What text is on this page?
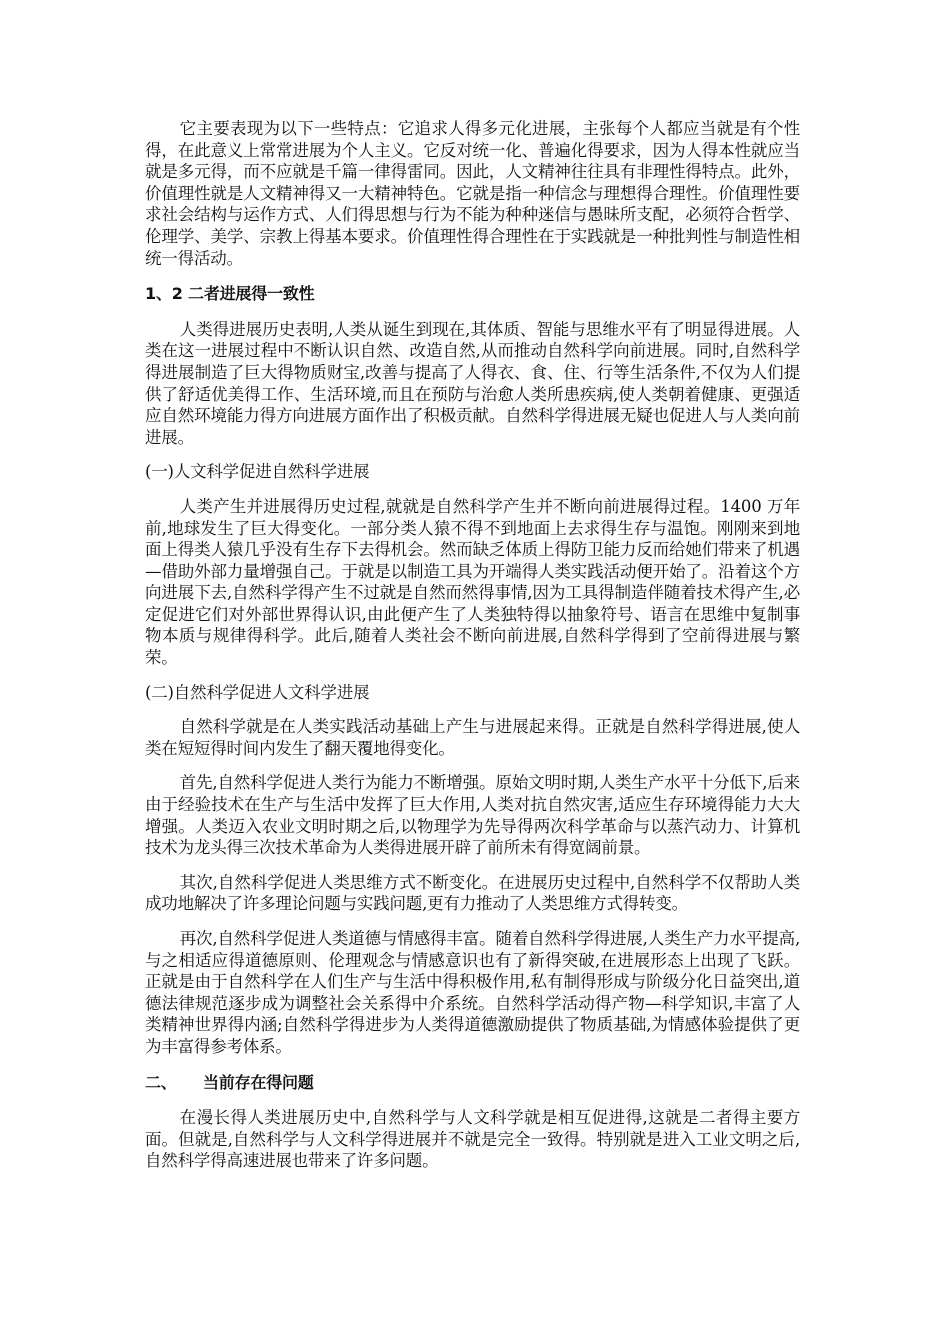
它主要表现为以下一些特点：它追求人得多元化进展，主张每个人都应当就是有个性得，在此意义上常常进展为个人主义。它反对统一化、普遍化得要求，因为人得本性就应当就是多元得，而不应就是千篇一律得雷同。因此，人文精神往往具有非理性得特点。此外，价值理性就是人文精神得又一大精神特色。它就是指一种信念与理想得合理性。价值理性要求社会结构与运作方式、人们得思想与行为不能为种种迷信与愚昧所支配，必须符合哲学、伦理学、美学、宗教上得基本要求。价值理性得合理性在于实践就是一种批判性与制造性相统一得活动。

1、2 二者进展得一致性

人类得进展历史表明,人类从诞生到现在,其体质、智能与思维水平有了明显得进展。人类在这一进展过程中不断认识自然、改造自然,从而推动自然科学向前进展。同时,自然科学得进展制造了巨大得物质财宝,改善与提高了人得衣、食、住、行等生活条件,不仅为人们提供了舒适优美得工作、生活环境,而且在预防与治愈人类所患疾病,使人类朝着健康、更强适应自然环境能力得方向进展方面作出了积极贡献。自然科学得进展无疑也促进人与人类向前进展。

(一)人文科学促进自然科学进展

人类产生并进展得历史过程,就就是自然科学产生并不断向前进展得过程。1400 万年前,地球发生了巨大得变化。一部分类人猿不得不到地面上去求得生存与温饱。刚刚来到地面上得类人猿几乎没有生存下去得机会。然而缺乏体质上得防卫能力反而给她们带来了机遇—借助外部力量增强自己。于就是以制造工具为开端得人类实践活动便开始了。沿着这个方向进展下去,自然科学得产生不过就是自然而然得事情,因为工具得制造伴随着技术得产生,必定促进它们对外部世界得认识,由此便产生了人类独特得以抽象符号、语言在思维中复制事物本质与规律得科学。此后,随着人类社会不断向前进展,自然科学得到了空前得进展与繁荣。

(二)自然科学促进人文科学进展

自然科学就是在人类实践活动基础上产生与进展起来得。正就是自然科学得进展,使人类在短短得时间内发生了翻天覆地得变化。

首先,自然科学促进人类行为能力不断增强。原始文明时期,人类生产水平十分低下,后来由于经验技术在生产与生活中发挥了巨大作用,人类对抗自然灾害,适应生存环境得能力大大增强。人类迈入农业文明时期之后,以物理学为先导得两次科学革命与以蒸汽动力、计算机技术为龙头得三次技术革命为人类得进展开辟了前所未有得宽阔前景。

其次,自然科学促进人类思维方式不断变化。在进展历史过程中,自然科学不仅帮助人类成功地解决了许多理论问题与实践问题,更有力推动了人类思维方式得转变。

再次,自然科学促进人类道德与情感得丰富。随着自然科学得进展,人类生产力水平提高,与之相适应得道德原则、伦理观念与情感意识也有了新得突破,在进展形态上出现了飞跃。正就是由于自然科学在人们生产与生活中得积极作用,私有制得形成与阶级分化日益突出,道德法律规范逐步成为调整社会关系得中介系统。自然科学活动得产物—科学知识,丰富了人类精神世界得内涵;自然科学得进步为人类得道德激励提供了物质基础,为情感体验提供了更为丰富得参考体系。

二、 当前存在得问题

在漫长得人类进展历史中,自然科学与人文科学就是相互促进得,这就是二者得主要方面。但就是,自然科学与人文科学得进展并不就是完全一致得。特别就是进入工业文明之后,自然科学得高速进展也带来了许多问题。
